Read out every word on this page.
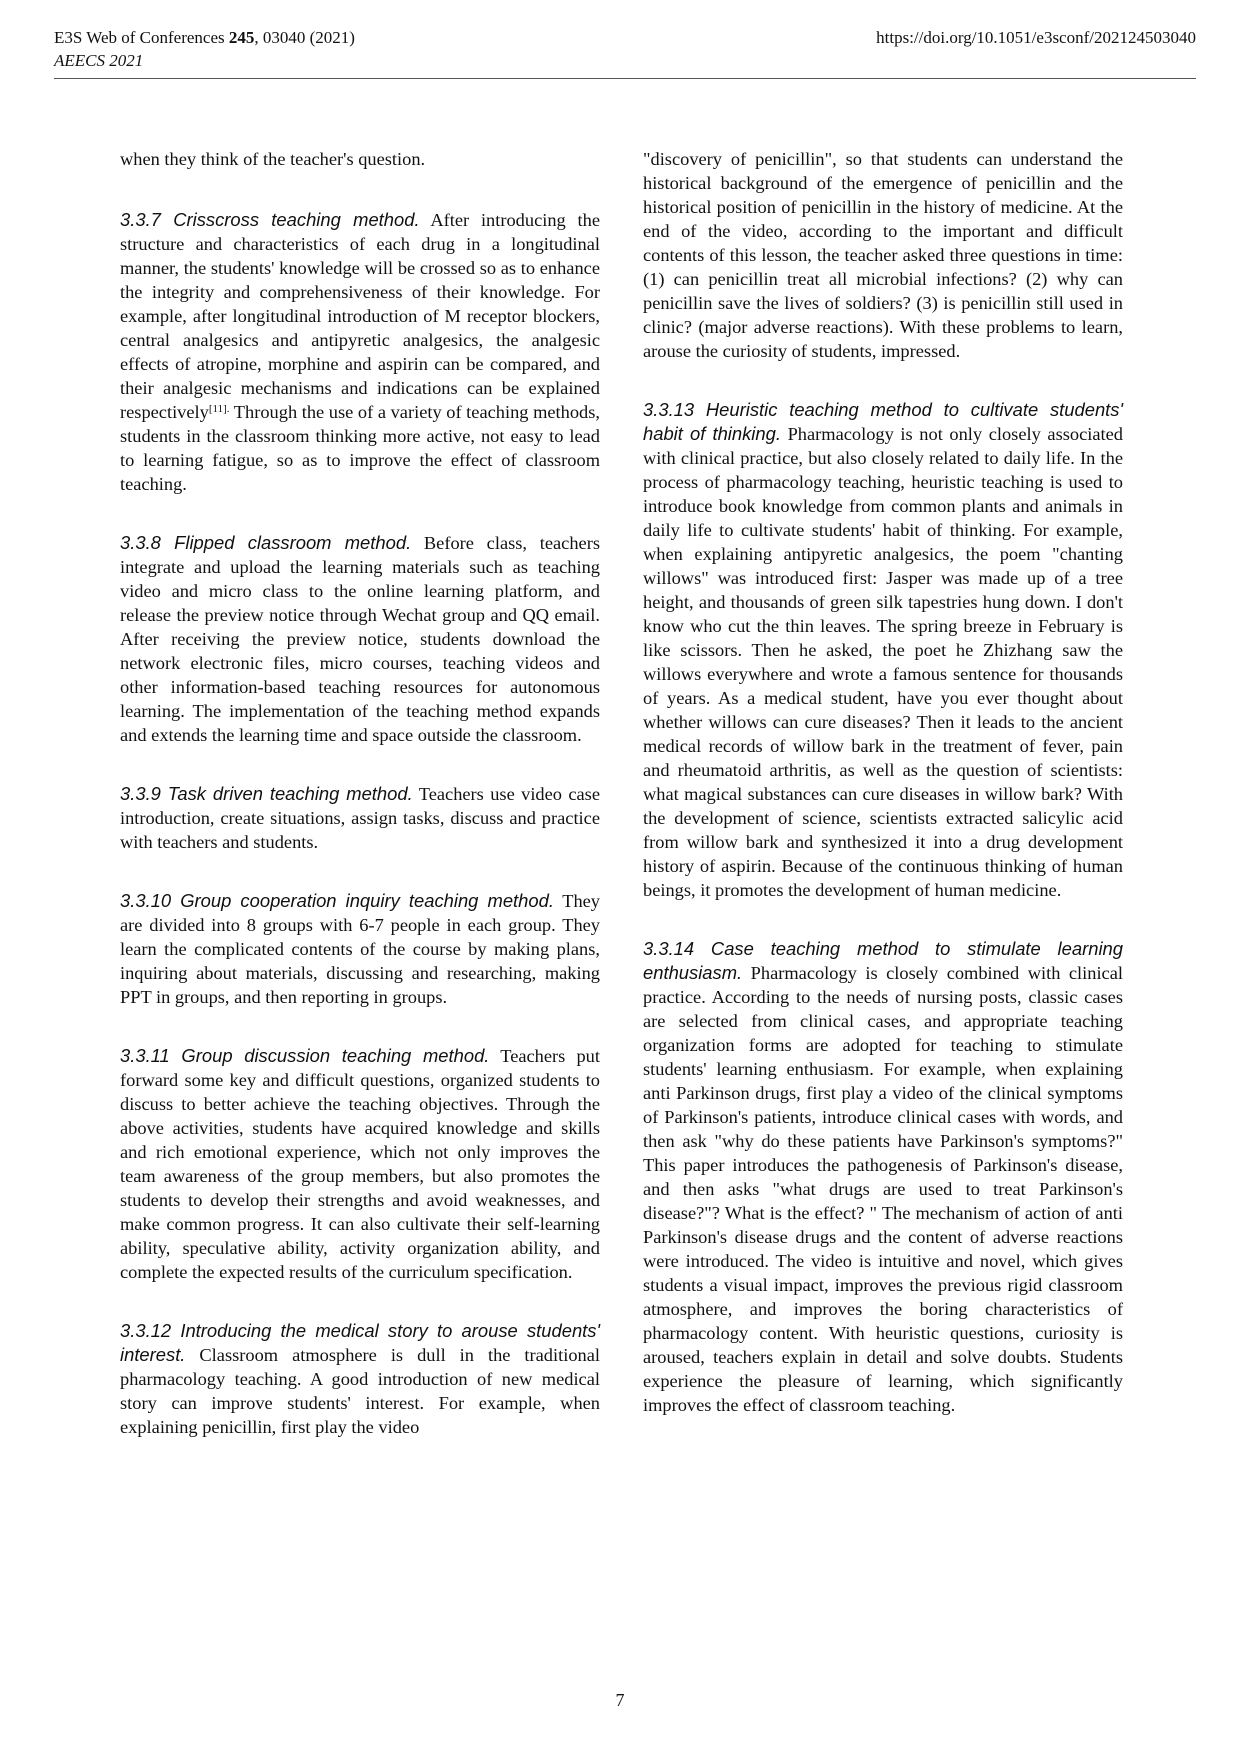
E3S Web of Conferences 245, 03040 (2021)
AEECS 2021
https://doi.org/10.1051/e3sconf/202124503040

when they think of the teacher's question.

3.3.7 Crisscross teaching method. After introducing the structure and characteristics of each drug in a longitudinal manner, the students' knowledge will be crossed so as to enhance the integrity and comprehensiveness of their knowledge. For example, after longitudinal introduction of M receptor blockers, central analgesics and antipyretic analgesics, the analgesic effects of atropine, morphine and aspirin can be compared, and their analgesic mechanisms and indications can be explained respectively$^{[11].}$ Through the use of a variety of teaching methods, students in the classroom thinking more active, not easy to lead to learning fatigue, so as to improve the effect of classroom teaching.

3.3.8 Flipped classroom method. Before class, teachers integrate and upload the learning materials such as teaching video and micro class to the online learning platform, and release the preview notice through Wechat group and QQ email. After receiving the preview notice, students download the network electronic files, micro courses, teaching videos and other information-based teaching resources for autonomous learning. The implementation of the teaching method expands and extends the learning time and space outside the classroom.

3.3.9 Task driven teaching method. Teachers use video case introduction, create situations, assign tasks, discuss and practice with teachers and students.

3.3.10 Group cooperation inquiry teaching method. They are divided into 8 groups with 6-7 people in each group. They learn the complicated contents of the course by making plans, inquiring about materials, discussing and researching, making PPT in groups, and then reporting in groups.

3.3.11 Group discussion teaching method. Teachers put forward some key and difficult questions, organized students to discuss to better achieve the teaching objectives. Through the above activities, students have acquired knowledge and skills and rich emotional experience, which not only improves the team awareness of the group members, but also promotes the students to develop their strengths and avoid weaknesses, and make common progress. It can also cultivate their self-learning ability, speculative ability, activity organization ability, and complete the expected results of the curriculum specification.

3.3.12 Introducing the medical story to arouse students' interest. Classroom atmosphere is dull in the traditional pharmacology teaching. A good introduction of new medical story can improve students' interest. For example, when explaining penicillin, first play the video

"discovery of penicillin", so that students can understand the historical background of the emergence of penicillin and the historical position of penicillin in the history of medicine. At the end of the video, according to the important and difficult contents of this lesson, the teacher asked three questions in time: (1) can penicillin treat all microbial infections? (2) why can penicillin save the lives of soldiers? (3) is penicillin still used in clinic? (major adverse reactions). With these problems to learn, arouse the curiosity of students, impressed.

3.3.13 Heuristic teaching method to cultivate students' habit of thinking. Pharmacology is not only closely associated with clinical practice, but also closely related to daily life. In the process of pharmacology teaching, heuristic teaching is used to introduce book knowledge from common plants and animals in daily life to cultivate students' habit of thinking. For example, when explaining antipyretic analgesics, the poem "chanting willows" was introduced first: Jasper was made up of a tree height, and thousands of green silk tapestries hung down. I don't know who cut the thin leaves. The spring breeze in February is like scissors. Then he asked, the poet he Zhizhang saw the willows everywhere and wrote a famous sentence for thousands of years. As a medical student, have you ever thought about whether willows can cure diseases? Then it leads to the ancient medical records of willow bark in the treatment of fever, pain and rheumatoid arthritis, as well as the question of scientists: what magical substances can cure diseases in willow bark? With the development of science, scientists extracted salicylic acid from willow bark and synthesized it into a drug development history of aspirin. Because of the continuous thinking of human beings, it promotes the development of human medicine.

3.3.14 Case teaching method to stimulate learning enthusiasm. Pharmacology is closely combined with clinical practice. According to the needs of nursing posts, classic cases are selected from clinical cases, and appropriate teaching organization forms are adopted for teaching to stimulate students' learning enthusiasm. For example, when explaining anti Parkinson drugs, first play a video of the clinical symptoms of Parkinson's patients, introduce clinical cases with words, and then ask "why do these patients have Parkinson's symptoms?" This paper introduces the pathogenesis of Parkinson's disease, and then asks "what drugs are used to treat Parkinson's disease?"? What is the effect? " The mechanism of action of anti Parkinson's disease drugs and the content of adverse reactions were introduced. The video is intuitive and novel, which gives students a visual impact, improves the previous rigid classroom atmosphere, and improves the boring characteristics of pharmacology content. With heuristic questions, curiosity is aroused, teachers explain in detail and solve doubts. Students experience the pleasure of learning, which significantly improves the effect of classroom teaching.

7
